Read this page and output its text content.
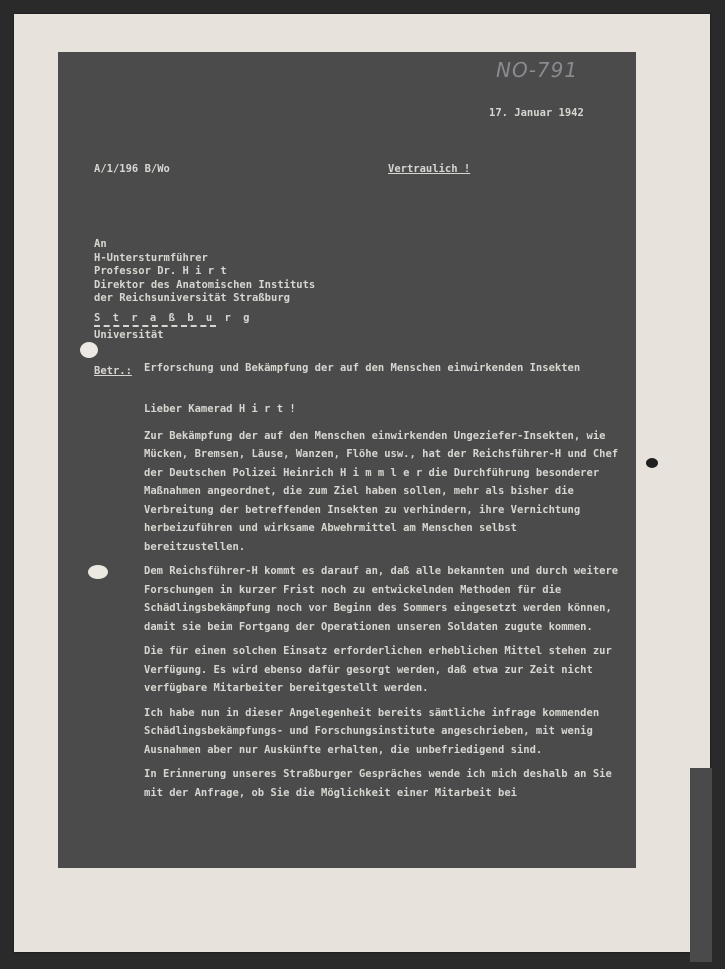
17. Januar 1942
A/1/196 B/Wo	Vertraulich !
An
H-Untersturmführer
Professor Dr. H i r t
Direktor des Anatomischen Instituts
der Reichsuniversität Straßburg
S t r a ß b u r g
Universität
Betr.: Erforschung und Bekämpfung der auf den Menschen einwirkenden Insekten

Lieber Kamerad H i r t !

Zur Bekämpfung der auf den Menschen einwirkenden Ungeziefer-Insekten, wie Mücken, Bremsen, Läuse, Wanzen, Flöhe usw., hat der Reichsführer-H und Chef der Deutschen Polizei Heinrich H i m m l e r die Durchführung besonderer Maßnahmen angeordnet, die zum Ziel haben sollen, mehr als bisher die Verbreitung der betreffenden Insekten zu verhindern, ihre Vernichtung herbeizuführen und wirksame Abwehrmittel am Menschen selbst bereitzustellen.

Dem Reichsführer-H kommt es darauf an, daß alle bekannten und durch weitere Forschungen in kurzer Frist noch zu entwickelnden Methoden für die Schädlingsbekämpfung noch vor Beginn des Sommers eingesetzt werden können, damit sie beim Fortgang der Operationen unseren Soldaten zugute kommen.

Die für einen solchen Einsatz erforderlichen erheblichen Mittel stehen zur Verfügung. Es wird ebenso dafür gesorgt werden, daß etwa zur Zeit nicht verfügbare Mitarbeiter bereitgestellt werden.

Ich habe nun in dieser Angelegenheit bereits sämtliche infrage kommenden Schädlingsbekämpfungs- und Forschungsinstitute angeschrieben, mit wenig Ausnahmen aber nur Auskünfte erhalten, die unbefriedigend sind.

In Erinnerung unseres Straßburger Gespräches wende ich mich deshalb an Sie mit der Anfrage, ob Sie die Möglichkeit einer Mitarbeit bei

NO-791
